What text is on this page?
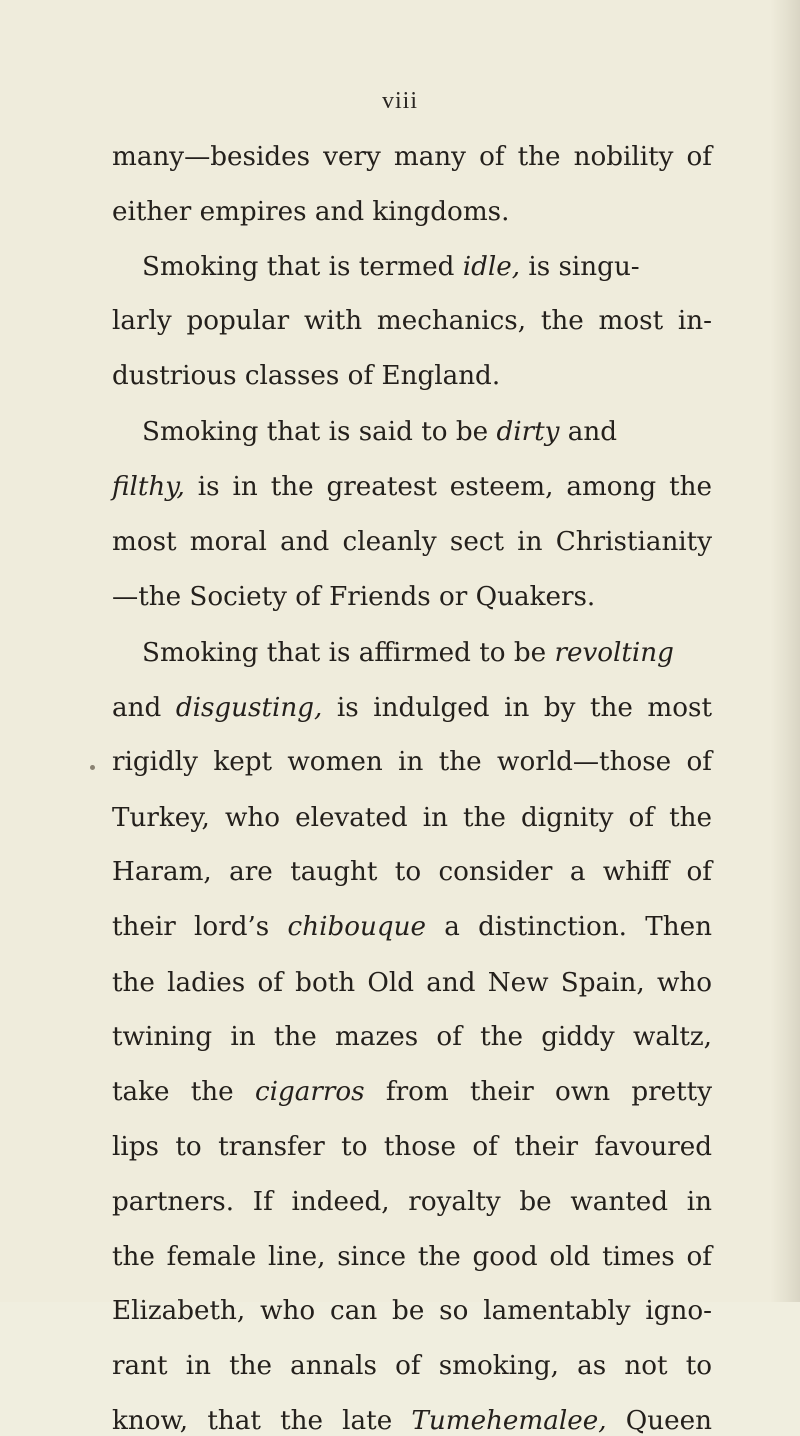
viii
many—besides very many of the nobility of
either empires and kingdoms.
Smoking that is termed idle, is singu-
larly popular with mechanics, the most in-
dustrious classes of England.
Smoking that is said to be dirty and
filthy, is in the greatest esteem, among the
most moral and cleanly sect in Christianity
—the Society of Friends or Quakers.
Smoking that is affirmed to be revolting
and disgusting, is indulged in by the most
rigidly kept women in the world—those of
Turkey, who elevated in the dignity of the
Haram, are taught to consider a whiff of
their lord’s chibouque a distinction. Then
the ladies of both Old and New Spain, who
twining in the mazes of the giddy waltz,
take the cigarros from their own pretty
lips to transfer to those of their favoured
partners. If indeed, royalty be wanted in
the female line, since the good old times of
Elizabeth, who can be so lamentably igno-
rant in the annals of smoking, as not to
know, that the late Tumehemalee, Queen
